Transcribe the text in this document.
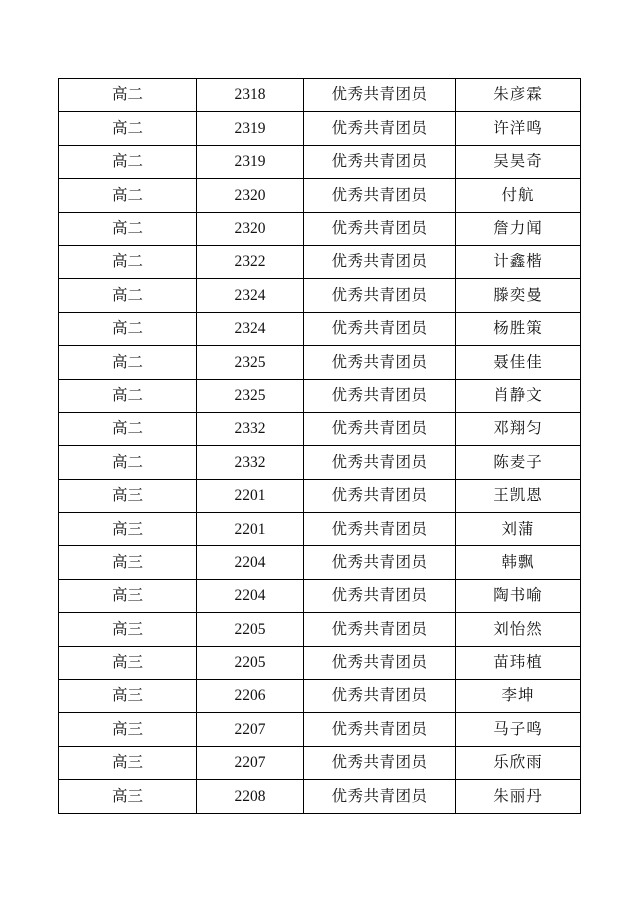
高二	2318	优秀共青团员	朱彦霖
高二	2319	优秀共青团员	许洋鸣
高二	2319	优秀共青团员	吴昊奇
高二	2320	优秀共青团员	付航
高二	2320	优秀共青团员	詹力闻
高二	2322	优秀共青团员	计鑫楷
高二	2324	优秀共青团员	滕奕曼
高二	2324	优秀共青团员	杨胜策
高二	2325	优秀共青团员	聂佳佳
高二	2325	优秀共青团员	肖静文
高二	2332	优秀共青团员	邓翔匀
高二	2332	优秀共青团员	陈麦子
高三	2201	优秀共青团员	王凯恩
高三	2201	优秀共青团员	刘蒲
高三	2204	优秀共青团员	韩飘
高三	2204	优秀共青团员	陶书喻
高三	2205	优秀共青团员	刘怡然
高三	2205	优秀共青团员	苗玮植
高三	2206	优秀共青团员	李坤
高三	2207	优秀共青团员	马子鸣
高三	2207	优秀共青团员	乐欣雨
高三	2208	优秀共青团员	朱丽丹
